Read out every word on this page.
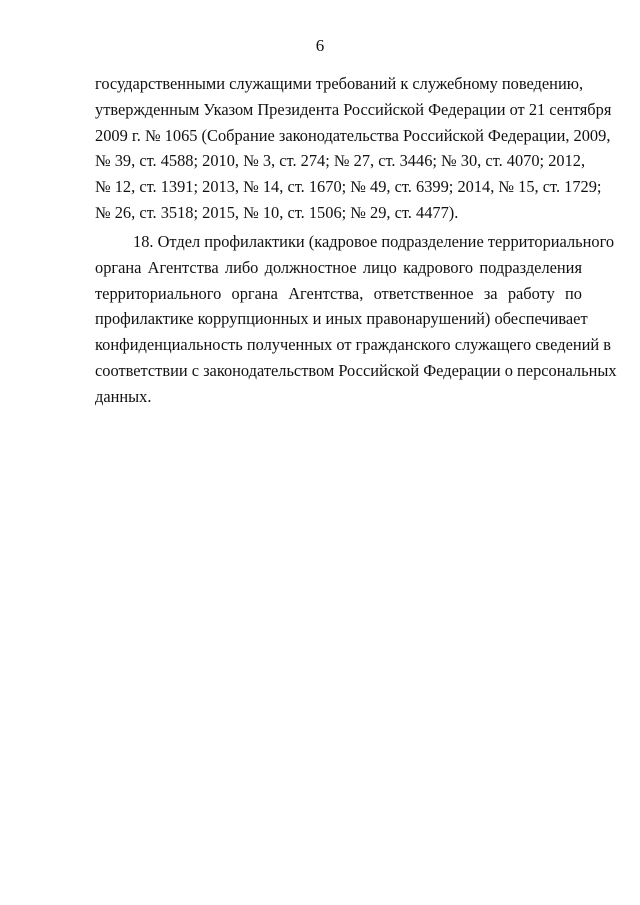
6
государственными служащими требований к служебному поведению,
утвержденным Указом Президента Российской Федерации от 21 сентября
2009 г. № 1065 (Собрание законодательства Российской Федерации, 2009,
№ 39, ст. 4588; 2010, № 3, ст. 274; № 27, ст. 3446; № 30, ст. 4070; 2012,
№ 12, ст. 1391; 2013, № 14, ст. 1670; № 49, ст. 6399; 2014, № 15, ст. 1729;
№ 26, ст. 3518; 2015, № 10, ст. 1506; № 29, ст. 4477).
18. Отдел профилактики (кадровое подразделение территориального
органа Агентства либо должностное лицо кадрового подразделения
территориального органа Агентства, ответственное за работу по
профилактике коррупционных и иных правонарушений) обеспечивает
конфиденциальность полученных от гражданского служащего сведений в
соответствии с законодательством Российской Федерации о персональных
данных.
